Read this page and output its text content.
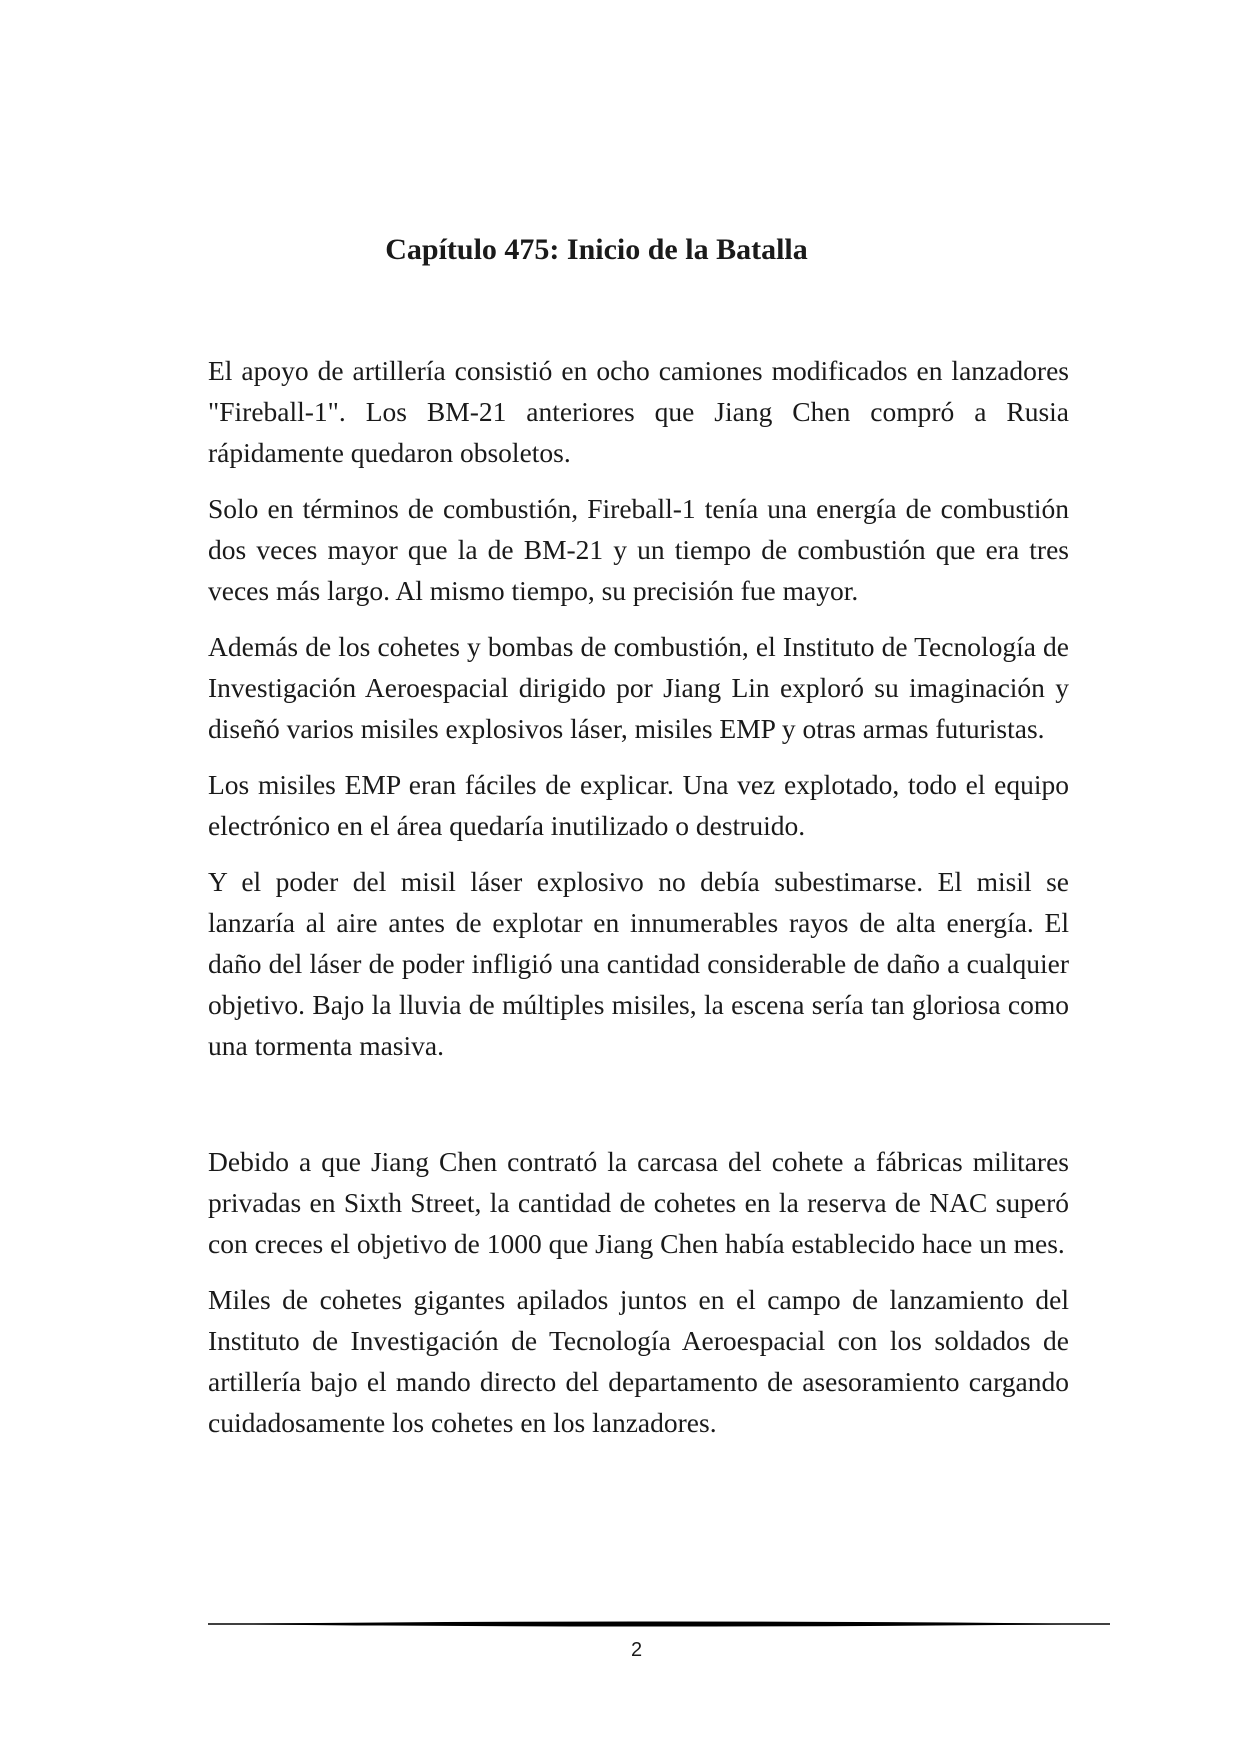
Capítulo 475: Inicio de la Batalla

El apoyo de artillería consistió en ocho camiones modificados en lanzadores "Fireball-1". Los BM-21 anteriores que Jiang Chen compró a Rusia rápidamente quedaron obsoletos.

Solo en términos de combustión, Fireball-1 tenía una energía de combustión dos veces mayor que la de BM-21 y un tiempo de combustión que era tres veces más largo. Al mismo tiempo, su precisión fue mayor.

Además de los cohetes y bombas de combustión, el Instituto de Tecnología de Investigación Aeroespacial dirigido por Jiang Lin exploró su imaginación y diseñó varios misiles explosivos láser, misiles EMP y otras armas futuristas.

Los misiles EMP eran fáciles de explicar. Una vez explotado, todo el equipo electrónico en el área quedaría inutilizado o destruido.

Y el poder del misil láser explosivo no debía subestimarse. El misil se lanzaría al aire antes de explotar en innumerables rayos de alta energía. El daño del láser de poder infligió una cantidad considerable de daño a cualquier objetivo. Bajo la lluvia de múltiples misiles, la escena sería tan gloriosa como una tormenta masiva.

Debido a que Jiang Chen contrató la carcasa del cohete a fábricas militares privadas en Sixth Street, la cantidad de cohetes en la reserva de NAC superó con creces el objetivo de 1000 que Jiang Chen había establecido hace un mes.

Miles de cohetes gigantes apilados juntos en el campo de lanzamiento del Instituto de Investigación de Tecnología Aeroespacial con los soldados de artillería bajo el mando directo del departamento de asesoramiento cargando cuidadosamente los cohetes en los lanzadores.

2
